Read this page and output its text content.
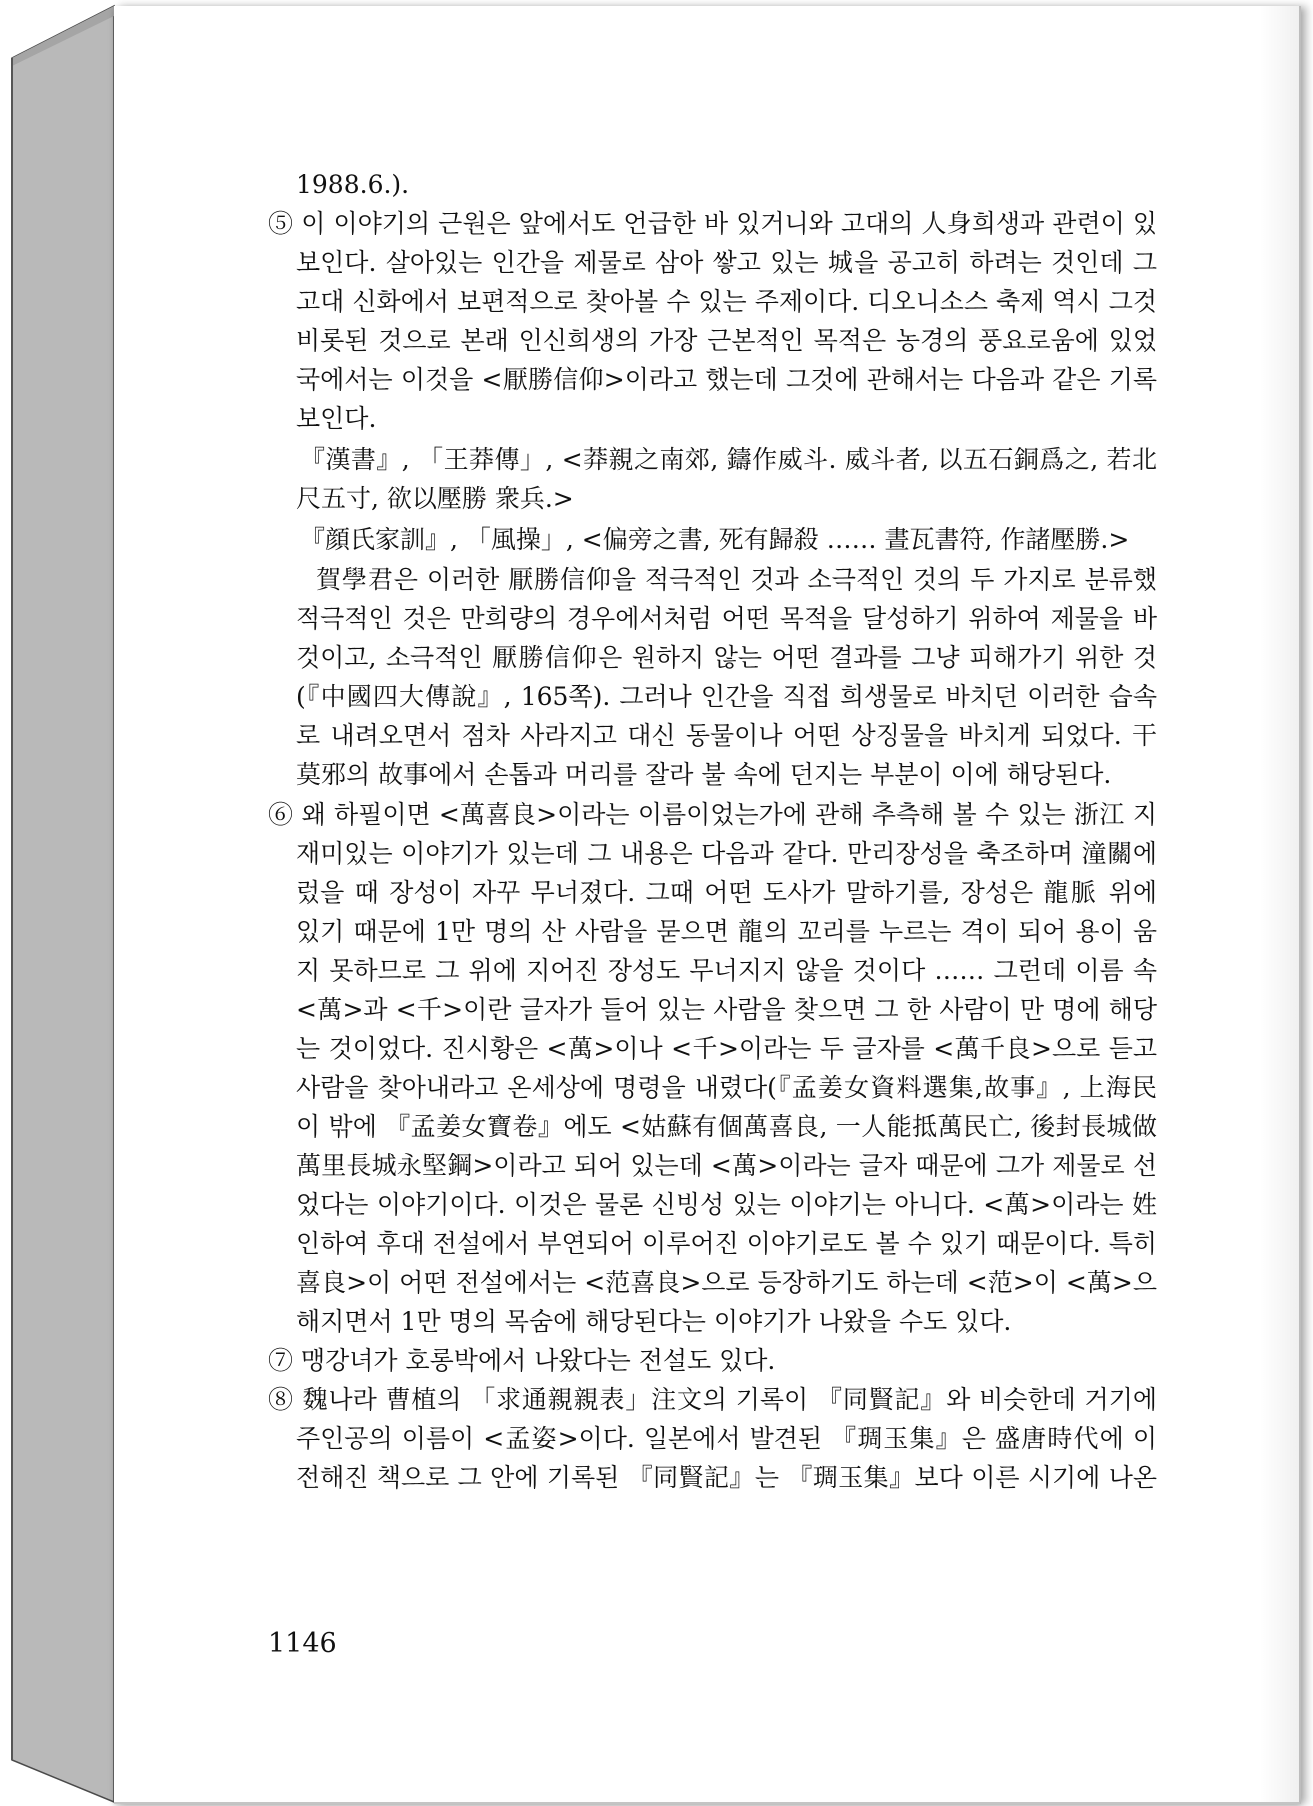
1988.6.).
⑤ 이 이야기의 근원은 앞에서도 언급한 바 있거니와 고대의 人身희생과 관련이 있
보인다. 살아있는 인간을 제물로 삼아 쌓고 있는 城을 공고히 하려는 것인데 그
고대 신화에서 보편적으로 찾아볼 수 있는 주제이다. 디오니소스 축제 역시 그것
비롯된 것으로 본래 인신희생의 가장 근본적인 목적은 농경의 풍요로움에 있었
국에서는 이것을 <厭勝信仰>이라고 했는데 그것에 관해서는 다음과 같은 기록
보인다.
『漢書』, 「王莽傳」, <莽親之南郊, 鑄作威斗. 威斗者, 以五石銅爲之, 若北
尺五寸, 欲以壓勝 衆兵.>
『顔氏家訓』, 「風操」, <偏旁之書, 死有歸殺 …… 晝瓦書符, 作諸壓勝.>
賀學君은 이러한 厭勝信仰을 적극적인 것과 소극적인 것의 두 가지로 분류했
적극적인 것은 만희량의 경우에서처럼 어떤 목적을 달성하기 위하여 제물을 바
것이고, 소극적인 厭勝信仰은 원하지 않는 어떤 결과를 그냥 피해가기 위한 것
(『中國四大傳說』, 165쪽). 그러나 인간을 직접 희생물로 바치던 이러한 습속
로 내려오면서 점차 사라지고 대신 동물이나 어떤 상징물을 바치게 되었다. 干
莫邪의 故事에서 손톱과 머리를 잘라 불 속에 던지는 부분이 이에 해당된다.
⑥ 왜 하필이면 <萬喜良>이라는 이름이었는가에 관해 추측해 볼 수 있는 浙江 지
재미있는 이야기가 있는데 그 내용은 다음과 같다. 만리장성을 축조하며 潼關에
렀을 때 장성이 자꾸 무너졌다. 그때 어떤 도사가 말하기를, 장성은 龍脈 위에
있기 때문에 1만 명의 산 사람을 묻으면 龍의 꼬리를 누르는 격이 되어 용이 움
지 못하므로 그 위에 지어진 장성도 무너지지 않을 것이다 …… 그런데 이름 속
<萬>과 <千>이란 글자가 들어 있는 사람을 찾으면 그 한 사람이 만 명에 해당
는 것이었다. 진시황은 <萬>이나 <千>이라는 두 글자를 <萬千良>으로 듣고
사람을 찾아내라고 온세상에 명령을 내렸다(『孟姜女資料選集,故事』, 上海民
이 밖에 『孟姜女寶卷』에도 <姑蘇有個萬喜良, 一人能抵萬民亡, 後封長城做
萬里長城永堅鋼>이라고 되어 있는데 <萬>이라는 글자 때문에 그가 제물로 선
었다는 이야기이다. 이것은 물론 신빙성 있는 이야기는 아니다. <萬>이라는 姓
인하여 후대 전설에서 부연되어 이루어진 이야기로도 볼 수 있기 때문이다. 특히
喜良>이 어떤 전설에서는 <范喜良>으로 등장하기도 하는데 <范>이 <萬>으
해지면서 1만 명의 목숨에 해당된다는 이야기가 나왔을 수도 있다.
⑦ 맹강녀가 호롱박에서 나왔다는 전설도 있다.
⑧ 魏나라 曹植의 「求通親親表」注文의 기록이 『同賢記』와 비슷한데 거기에
주인공의 이름이 <孟姿>이다. 일본에서 발견된 『琱玉集』은 盛唐時代에 이
전해진 책으로 그 안에 기록된 『同賢記』는 『琱玉集』보다 이른 시기에 나온
1146
